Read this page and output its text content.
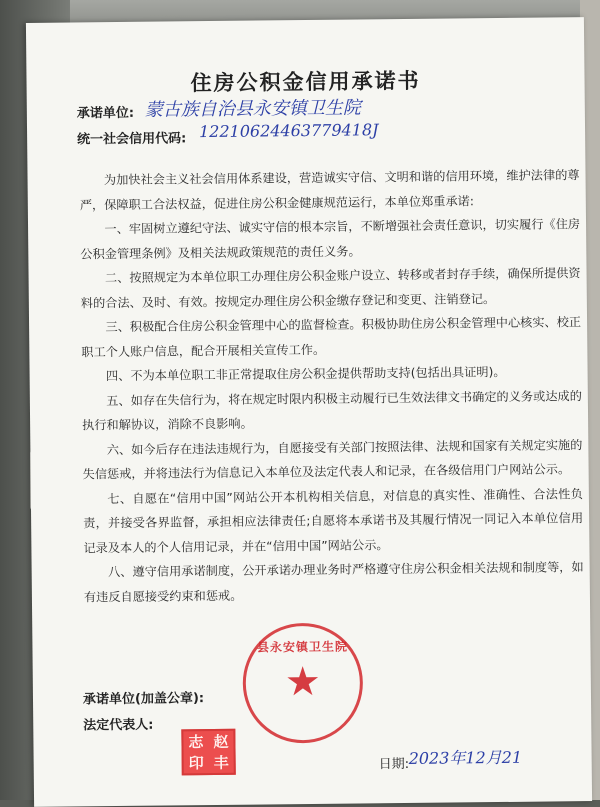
住房公积金信用承诺书
承诺单位: 蒙古族自治县永安镇卫生院
统一社会信用代码: 12210624463779418J

为加快社会主义社会信用体系建设，营造诚实守信、文明和谐的信用环境，维护法律的尊严，保障职工合法权益，促进住房公积金健康规范运行，本单位郑重承诺:

一、牢固树立遵纪守法、诚实守信的根本宗旨，不断增强社会责任意识，切实履行《住房公积金管理条例》及相关法规政策规范的责任义务。

二、按照规定为本单位职工办理住房公积金账户设立、转移或者封存手续，确保所提供资料的合法、及时、有效。按规定办理住房公积金缴存登记和变更、注销登记。

三、积极配合住房公积金管理中心的监督检查。积极协助住房公积金管理中心核实、校正职工个人账户信息，配合开展相关宣传工作。

四、不为本单位职工非正常提取住房公积金提供帮助支持(包括出具证明)。

五、如存在失信行为，将在规定时限内积极主动履行已生效法律文书确定的义务或达成的执行和解协议，消除不良影响。

六、如今后存在违法违规行为，自愿接受有关部门按照法律、法规和国家有关规定实施的失信惩戒，并将违法行为信息记入本单位及法定代表人和记录，在各级信用门户网站公示。

七、自愿在“信用中国”网站公开本机构相关信息，对信息的真实性、准确性、合法性负责，并接受各界监督，承担相应法律责任;自愿将本承诺书及其履行情况一同记入本单位信用记录及本人的个人信用记录，并在“信用中国”网站公示。

八、遵守信用承诺制度，公开承诺办理业务时严格遵守住房公积金相关法规和制度等，如有违反自愿接受约束和惩戒。

承诺单位(加盖公章):
法定代表人:
县永安镇卫生院
★
志 赵
印 丰	日期: 2023年12月21
